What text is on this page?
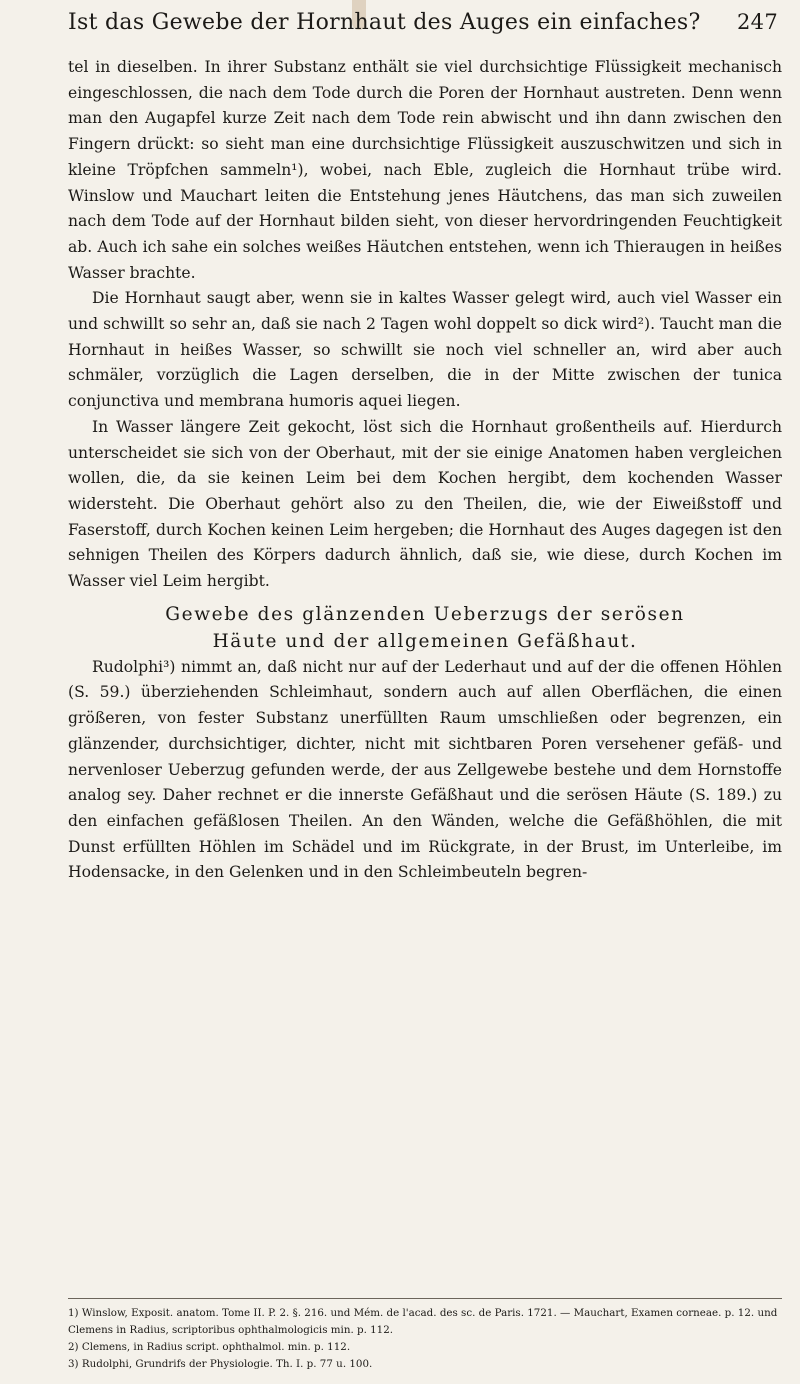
Ist das Gewebe der Hornhaut des Auges ein einfaches?	247

tel in dieselben. In ihrer Substanz enthält sie viel durchsichtige Flüssigkeit mechanisch eingeschlossen, die nach dem Tode durch die Poren der Hornhaut austreten. Denn wenn man den Augapfel kurze Zeit nach dem Tode rein abwischt und ihn dann zwischen den Fingern drückt: so sieht man eine durchsichtige Flüssigkeit auszuschwitzen und sich in kleine Tröpfchen sammeln¹), wobei, nach Eble, zugleich die Hornhaut trübe wird. Winslow und Mauchart leiten die Entstehung jenes Häutchens, das man sich zuweilen nach dem Tode auf der Hornhaut bilden sieht, von dieser hervordringenden Feuchtigkeit ab. Auch ich sahe ein solches weißes Häutchen entstehen, wenn ich Thieraugen in heißes Wasser brachte.

Die Hornhaut saugt aber, wenn sie in kaltes Wasser gelegt wird, auch viel Wasser ein und schwillt so sehr an, daß sie nach 2 Tagen wohl doppelt so dick wird²). Taucht man die Hornhaut in heißes Wasser, so schwillt sie noch viel schneller an, wird aber auch schmäler, vorzüglich die Lagen derselben, die in der Mitte zwischen der tunica conjunctiva und membrana humoris aquei liegen.

In Wasser längere Zeit gekocht, löst sich die Hornhaut großentheils auf. Hierdurch unterscheidet sie sich von der Oberhaut, mit der sie einige Anatomen haben vergleichen wollen, die, da sie keinen Leim bei dem Kochen hergibt, dem kochenden Wasser widersteht. Die Oberhaut gehört also zu den Theilen, die, wie der Eiweißstoff und Faserstoff, durch Kochen keinen Leim hergeben; die Hornhaut des Auges dagegen ist den sehnigen Theilen des Körpers dadurch ähnlich, daß sie, wie diese, durch Kochen im Wasser viel Leim hergibt.

Gewebe des glänzenden Ueberzugs der serösen
Häute und der allgemeinen Gefäßhaut.

Rudolphi³) nimmt an, daß nicht nur auf der Lederhaut und auf der die offenen Höhlen (S. 59.) überziehenden Schleimhaut, sondern auch auf allen Oberflächen, die einen größeren, von fester Substanz unerfüllten Raum umschließen oder begrenzen, ein glänzender, durchsichtiger, dichter, nicht mit sichtbaren Poren versehener gefäß- und nervenloser Ueberzug gefunden werde, der aus Zellgewebe bestehe und dem Hornstoffe analog sey. Daher rechnet er die innerste Gefäßhaut und die serösen Häute (S. 189.) zu den einfachen gefäßlosen Theilen. An den Wänden, welche die Gefäßhöhlen, die mit Dunst erfüllten Höhlen im Schädel und im Rückgrate, in der Brust, im Unterleibe, im Hodensacke, in den Gelenken und in den Schleimbeuteln begren-

1) Winslow, Exposit. anatom. Tome II. P. 2. §. 216. und Mém. de l'acad. des sc. de Paris. 1721. — Mauchart, Examen corneae. p. 12. und Clemens in Radius, scriptoribus ophthalmologicis min. p. 112.

2) Clemens, in Radius script. ophthalmol. min. p. 112.

3) Rudolphi, Grundrifs der Physiologie. Th. I. p. 77 u. 100.
